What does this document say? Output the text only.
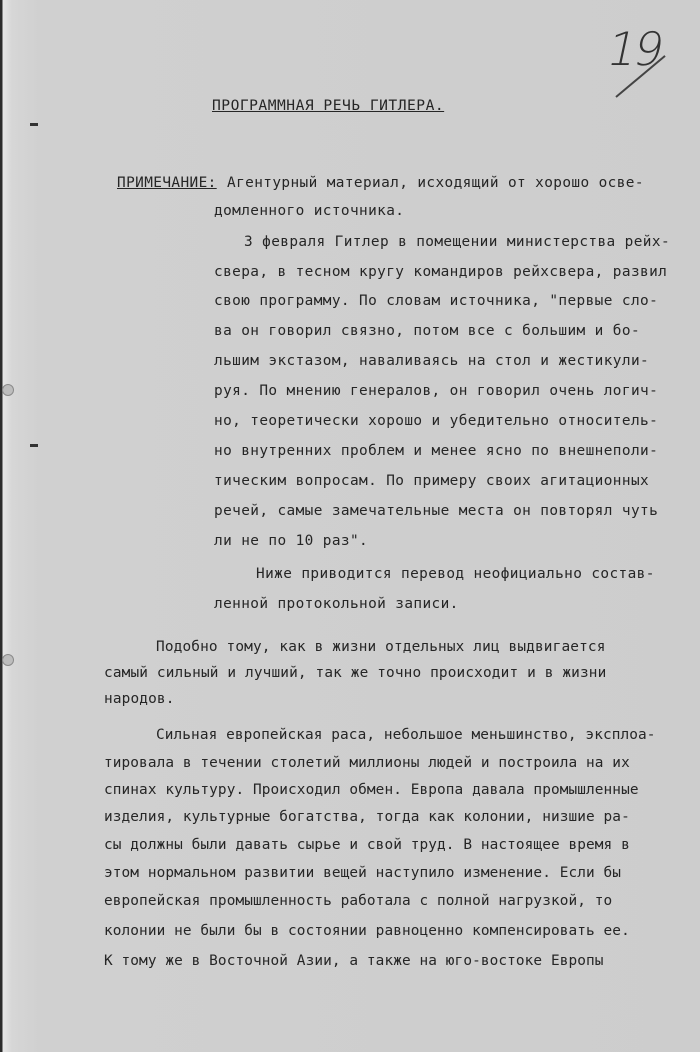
19
ПРОГРАММНАЯ РЕЧЬ ГИТЛЕРА.
ПРИМЕЧАНИЕ: Агентурный материал, исходящий от хорошо осве-
домленного источника.
3 февраля Гитлер в помещении министерства рейх-
свера, в тесном кругу командиров рейхсвера, развил
свою программу. По словам источника, "первые сло-
ва он говорил связно, потом все с большим и бо-
льшим экстазом, наваливаясь на стол и жестикули-
руя. По мнению генералов, он говорил очень логич-
но, теоретически хорошо и убедительно относитель-
но внутренних проблем и менее ясно по внешнеполи-
тическим вопросам. По примеру своих агитационных
речей, самые замечательные места он повторял чуть
ли не по 10 раз".
Ниже приводится перевод неофициально состав-
ленной протокольной записи.
Подобно тому, как в жизни отдельных лиц выдвигается
самый сильный и лучший, так же точно происходит и в жизни
народов.
Сильная европейская раса, небольшое меньшинство, эксплоа-
тировала в течении столетий миллионы людей и построила на их
спинах культуру. Происходил обмен. Европа давала промышленные
изделия, культурные богатства, тогда как колонии, низшие ра-
сы должны были давать сырье и свой труд. В настоящее время в
этом нормальном развитии вещей наступило изменение. Если бы
европейская промышленность работала с полной нагрузкой, то
колонии не были бы в состоянии равноценно компенсировать ее.
К тому же в Восточной Азии, а также на юго-востоке Европы
